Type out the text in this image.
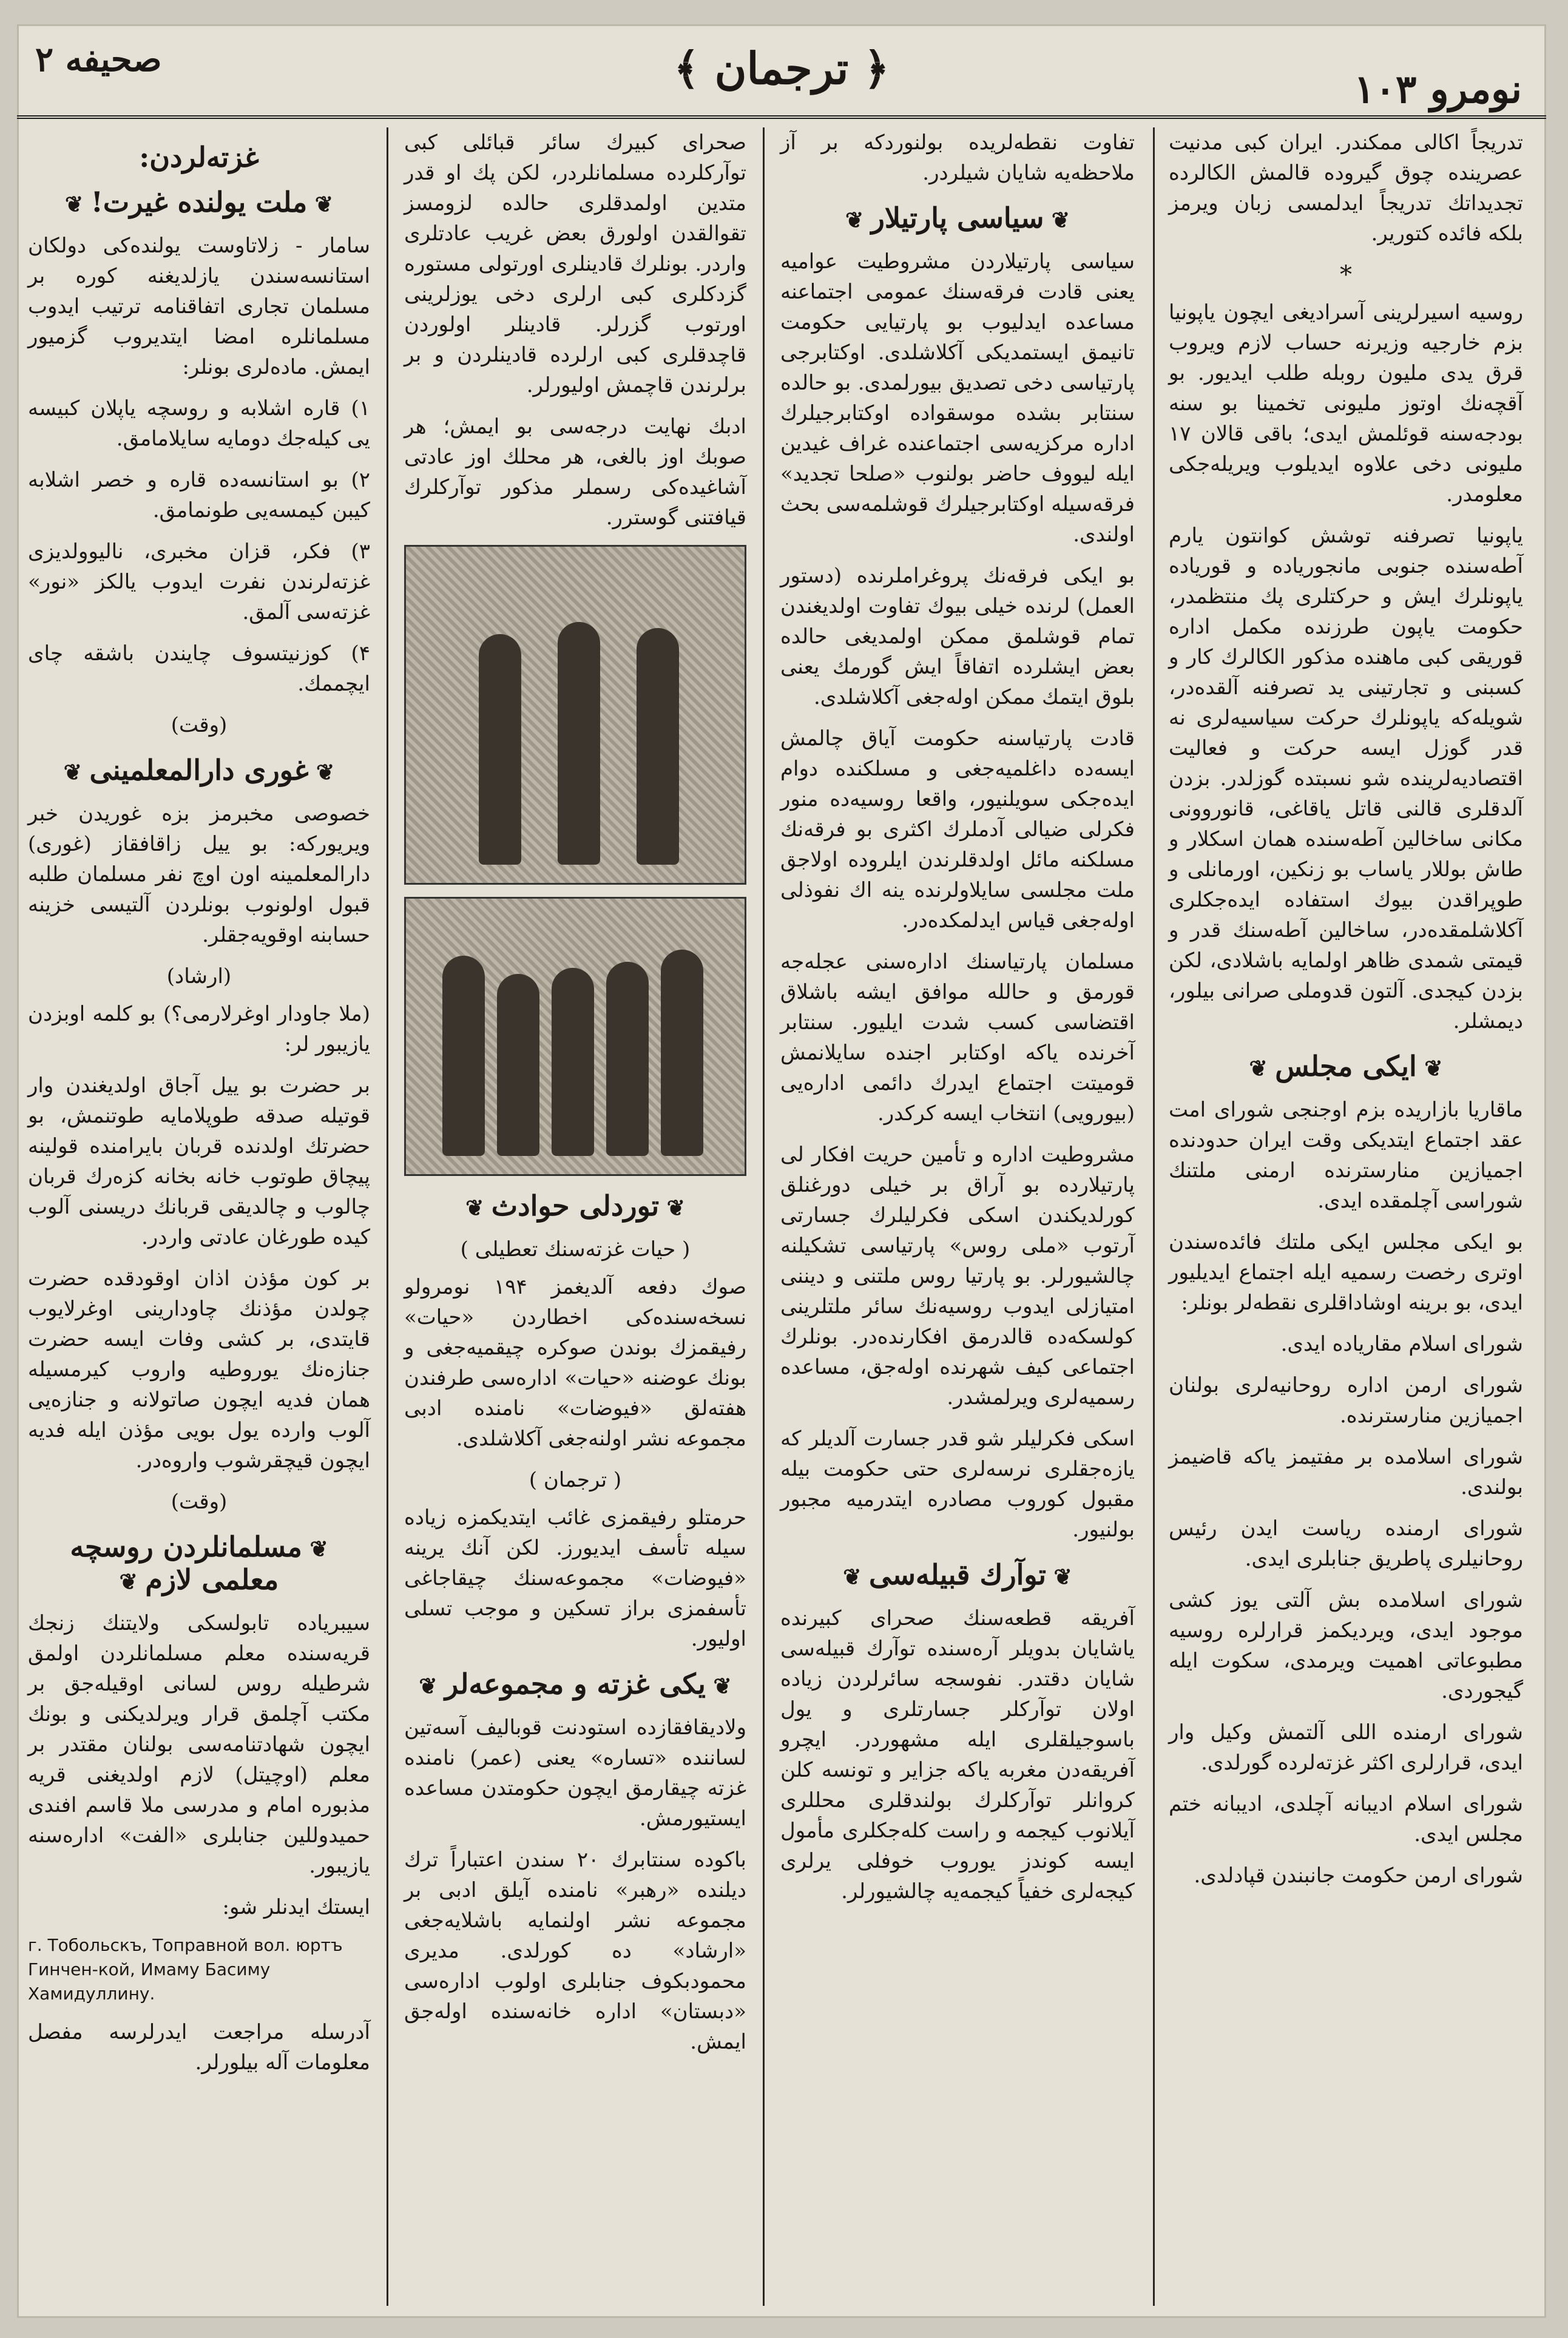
صحیفه ۲	﴿ ترجمان ﴾	نومرو ۱۰۳

تدریجاً اکالی ممکندر. ایران کبی مدنیت عصرینده چوق گیروده قالمش الکالرده تجدیداتك تدریجاً ایدلمسی زبان ویرمز بلکه فائده کتوریر.

*

روسیه اسیرلرینی آسرادیغی ایچون یاپونیا بزم خارجیه وزیرنه حساب لازم ویروب قرق یدی ملیون روبله طلب ایدیور. بو آقچه‌نك اوتوز ملیونی تخمینا بو سنه بودجه‌سنه قوئلمش ایدی؛ باقی قالان ۱۷ ملیونی دخی علاوه ایدیلوب ویریله‌جکی معلومدر.

یاپونیا تصرفنه توشش کوانتون یارم آطه‌سنده جنوبی مانجوریاده و قوریاده یاپونلرك ایش و حرکتلری پك منتظمدر، حکومت یاپون طرزنده مکمل اداره قوریقی کبی ماهنده مذکور الکالرك کار و کسبنی و تجارتینی ید تصرفنه آلقده‌در، شویله‌که یاپونلرك حرکت سیاسیه‌لری نه قدر گوزل ایسه حرکت و فعالیت اقتصادیه‌لرینده شو نسبتده گوزلدر. بزدن آلدقلری قالنی قاتل یاقاغی، قانوروونی مکانی ساخالین آطه‌سنده همان اسکلار و طاش بوللار یاساب بو زنکین، اورمانلی و طوپراقدن بیوك استفاده ایده‌جکلری آکلاشلمقده‌در، ساخالین آطه‌سنك قدر و قیمتی شمدی ظاهر اولمایه باشلادی، لکن بزدن کیجدی. آلتون قدوملی صرانی بیلور، دیمشلر.

❦ ایکی مجلس ❦

ماقاریا بازاریده بزم اوجنجی شورای امت عقد اجتماع ایتدیکی وقت ایران حدودنده اجمیازین منارسترنده ارمنی ملتنك شوراسی آچلمقده ایدی.

بو ایکی مجلس ایکی ملتك فائده‌سندن اوتری رخصت رسمیه ایله اجتماع ایدیلیور ایدی، بو برینه اوشاداقلری نقطه‌لر بونلر:

شورای اسلام مقاریاده ایدی.

شورای ارمن اداره روحانیه‌لری بولنان اجمیازین منارسترنده.

شورای اسلامده بر مفتیمز یاکه قاضیمز بولندی.

شورای ارمنده ریاست ایدن رئیس روحانیلری پاطریق جنابلری ایدی.

شورای اسلامده بش آلتی یوز کشی موجود ایدی، ویردیکمز قرارلره روسیه مطبوعاتی اهمیت ویرمدی، سکوت ایله گیجوردی.

شورای ارمنده اللی آلتمش وکیل وار ایدی، قرارلری اکثر غزته‌لرده گورلدی.

شورای اسلام ادیبانه آچلدی، ادیبانه ختم مجلس ایدی.

شورای ارمن حکومت جانبندن قپادلدی.

تفاوت نقطه‌لریده بولنوردکه بر آز ملاحظه‌یه شایان شیلردر.

❦ سیاسی پارتیلار ❦

سیاسی پارتیلاردن مشروطیت عوامیه یعنی قادت فرقه‌سنك عمومی اجتماعنه مساعده ایدلیوب بو پارتیایی حکومت تانیمق ایستمدیکی آکلاشلدی. اوکتابرجی پارتیاسی دخی تصدیق بیورلمدی. بو حالده سنتابر بشده موسقواده اوکتابرجیلرك اداره مرکزیه‌سی اجتماعنده غراف غیدین ایله لیووف حاضر بولنوب «صلحا تجدید» فرقه‌سیله اوکتابرجیلرك قوشلمه‌سی بحث اولندی.

بو ایکی فرقه‌نك پروغراملرنده (دستور العمل) لرنده خیلی بیوك تفاوت اولدیغندن تمام قوشلمق ممکن اولمدیغی حالده بعض ایشلرده اتفاقاً ایش گورمك یعنی بلوق ایتمك ممکن اوله‌جغی آکلاشلدی.

قادت پارتیاسنه حکومت آیاق چالمش ایسه‌ده داغلمیه‌جغی و مسلکنده دوام ایده‌جکی سویلنیور، واقعا روسیه‌ده منور فکرلی ضیالی آدملرك اکثری بو فرقه‌نك مسلکنه مائل اولدقلرندن ایلروده اولاجق ملت مجلسی سایلاولرنده ینه اك نفوذلی اوله‌جغی قیاس ایدلمکده‌در.

مسلمان پارتیاسنك اداره‌سنی عجله‌جه قورمق و حالله موافق ایشه باشلاق اقتضاسی کسب شدت ایلیور. سنتابر آخرنده یاکه اوکتابر اجنده سایلانمش قومیتت اجتماع ایدرك دائمی اداره‌یی (بیورویی) انتخاب ایسه کرکدر.

مشروطیت اداره و تأمین حریت افکار لی پارتیلارده بو آراق بر خیلی دورغنلق کورلدیکندن اسکی فکرلیلرك جسارتی آرتوب «ملی روس» پارتیاسی تشکیلنه چالشیورلر. بو پارتیا روس ملتنی و دیننی امتیازلی ایدوب روسیه‌نك سائر ملتلرینی کولسکه‌ده قالدرمق افکارنده‌در. بونلرك اجتماعی کیف شهرنده اوله‌جق، مساعده رسمیه‌لری ویرلمشدر.

اسکی فکرلیلر شو قدر جسارت آلدیلر که یازه‌جقلری نرسه‌لری حتی حکومت بیله مقبول کوروب مصادره ایتدرمیه مجبور بولنیور.

❦ توآرك قبیله‌سی ❦

آفریقه قطعه‌سنك صحرای کبیرنده یاشایان بدویلر آره‌سنده توآرك قبیله‌سی شایان دقتدر. نفوسجه سائرلردن زیاده اولان توآرکلر جسارتلری و یول باسوجیلقلری ایله مشهوردر. ایچرو آفریقه‌دن مغربه یاکه جزایر و تونسه کلن کروانلر توآرکلرك بولندقلری محللری آیلانوب کیجمه و راست کله‌جکلری مأمول ایسه کوندز یوروب خوفلی یرلری کیجه‌لری خفیاً کیجمه‌یه چالشیورلر.

صحرای کبیرك سائر قبائلی کبی توآرکلرده مسلمانلردر، لکن پك او قدر متدین اولمدقلری حالده لزومسز تقوالقدن اولورق بعض غریب عادتلری واردر. بونلرك قادینلری اورتولی مستوره گزدکلری کبی ارلری دخی یوزلرینی اورتوب گزرلر. قادینلر اولوردن قاچدقلری کبی ارلرده قادینلردن و بر برلرندن قاچمش اولیورلر.

ادبك نهایت درجه‌سی بو ایمش؛ هر صوبك اوز بالغی، هر محلك اوز عادتی آشاغیده‌کی رسملر مذکور توآرکلرك قیافتنی گوسترر.

❦ توردلی حوادث ❦
( حیات غزته‌سنك تعطیلی )

صوك دفعه آلدیغمز ۱۹۴ نومرولو نسخه‌سنده‌کی اخطاردن «حیات» رفیقمزك بوندن صوکره چیقمیه‌جغی و بونك عوضنه «حیات» اداره‌سی طرفندن هفته‌لق «فیوضات» نامنده ادبی مجموعه نشر اولنه‌جغی آکلاشلدی.

( ترجمان )

حرمتلو رفیقمزی غائب ایتدیکمزه زیاده سیله تأسف ایدیورز. لکن آنك یرینه «فیوضات» مجموعه‌سنك چیقاجاغی تأسفمزی براز تسکین و موجب تسلی اولیور.

❦ یکی غزته و مجموعه‌لر ❦

ولادیقافقازده استودنت قوبالیف آسه‌تین لساننده «تساره» یعنی (عمر) نامنده غزته چیقارمق ایچون حکومتدن مساعده ایستیورمش.

باکوده سنتابرك ۲۰ سندن اعتباراً ترك دیلنده «رهبر» نامنده آیلق ادبی بر مجموعه نشر اولنمایه باشلایه‌جغی «ارشاد» ده کورلدی. مدیری محمودبکوف جنابلری اولوب اداره‌سی «دبستان» اداره خانه‌سنده اوله‌جق ایمش.

غزته‌لردن:
❦ ملت یولنده غیرت! ❦

سامار - زلاتاوست یولنده‌کی دولکان استانسه‌سندن یازلدیغنه کوره بر مسلمان تجاری اتفاقنامه ترتیب ایدوب مسلمانلره امضا ایتدیروب گزمیور ایمش. ماده‌لری بونلر:

۱) قاره اشلابه و روسچه یاپلان کبیسه یی کیله‌جك دومایه سایلامامق.

۲) بو استانسه‌ده قاره و خصر اشلابه کیبن کیمسه‌یی طونمامق.

۳) فکر، قزان مخبری، نالیوولدیزی غزته‌لرندن نفرت ایدوب یالکز «نور» غزته‌سی آلمق.

۴) کوزنیتسوف چایندن باشقه چای ایچممك.

(وقت)
❦ غوری دارالمعلمینی ❦

خصوصی مخبرمز بزه غوریدن خبر ویریورکه: بو ییل زاقافقاز (غوری) دارالمعلمینه اون اوچ نفر مسلمان طلبه قبول اولونوب بونلردن آلتیسی خزینه حسابنه اوقویه‌جقلر.

(ارشاد)

(ملا جاودار اوغرلارمی؟) بو کلمه اوبزدن یازیبور لر:

بر حضرت بو ییل آجاق اولدیغندن وار قوتیله صدقه طوپلامایه طوتنمش، بو حضرتك اولدنده قربان بایرامنده قولینه پیچاق طوتوب خانه بخانه کزه‌رك قربان چالوب و چالدیقی قربانك دریسنی آلوب کیده طورغان عادتی واردر.

بر کون مؤذن اذان اوقودقده حضرت چولدن مؤذنك چاودارینی اوغرلایوب قایتدی، بر کشی وفات ایسه حضرت جنازه‌نك یوروطیه واروب کیرمسیله همان فدیه ایچون صاتولانه و جنازه‌یی آلوب وارده یول بویی مؤذن ایله فدیه ایچون قیچقرشوب واروه‌در.

(وقت)
❦ مسلمانلردن روسچه معلمی لازم ❦

سیبریاده تابولسکی ولایتنك زنجك قریه‌سنده معلم مسلمانلردن اولمق شرطیله روس لسانی اوقیله‌جق بر مکتب آچلمق قرار ویرلدیکنی و بونك ایچون شهادتنامه‌سی بولنان مقتدر بر معلم (اوچیتل) لازم اولدیغنی قریه مذبوره امام و مدرسی ملا قاسم افندی حمیدوللین جنابلری «الفت» اداره‌سنه یازیبور.

ایستك ایدنلر شو:

г. Тобольскъ, Топравной вол. юртъ Гинчен-кой, Имаму Басиму Хамидуллину.

آدرسله مراجعت ایدرلرسه مفصل معلومات آله بیلورلر.
